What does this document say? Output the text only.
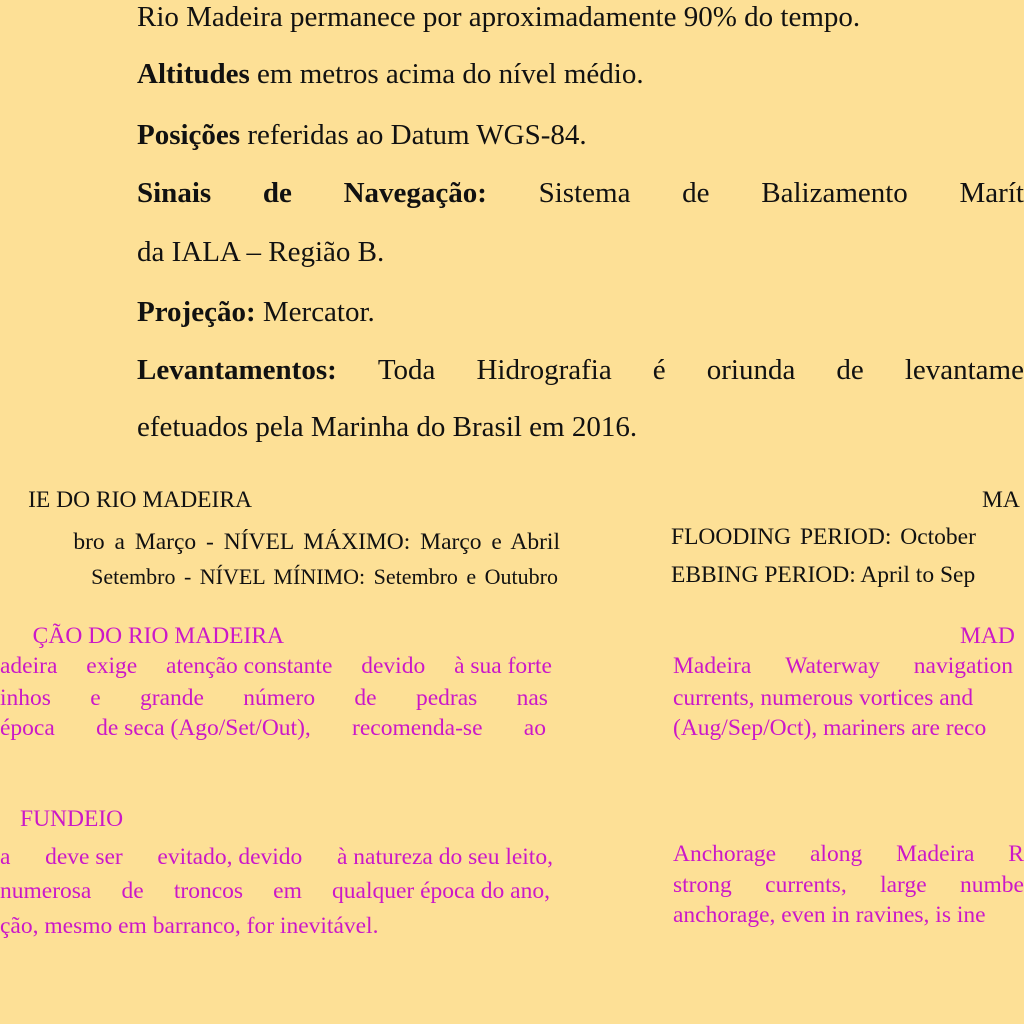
Rio Madeira permanece por aproximadamente 90% do tempo.

Altitudes em metros acima do nível médio.

Posições referidas ao Datum WGS-84.

Sinais de Navegação: Sistema de Balizamento Marít

da IALA – Região B.

Projeção: Mercator.

Levantamentos: Toda Hidrografia é oriunda de levantame

efetuados pela Marinha do Brasil em 2016.

IE DO RIO MADEIRA
bro a Março - NÍVEL MÁXIMO: Março e Abril
Setembro - NÍVEL MÍNIMO: Setembro e Outubro

MA

FLOODING PERIOD: October

EBBING PERIOD: April to Sep

ÇÃO DO RIO MADEIRA
adeira exige atenção constante devido à sua forte
inhos e grande número de pedras nas
época de seca (Ago/Set/Out), recomenda-se ao

MAD

Madeira Waterway navigation

currents, numerous vortices and

(Aug/Sep/Oct), mariners are reco

FUNDEIO

a deve ser evitado, devido à natureza do seu leito,
numerosa de troncos em qualquer época do ano,

ção, mesmo em barranco, for inevitável.

Anchorage along Madeira R
strong currents, large numbe

anchorage, even in ravines, is ine
